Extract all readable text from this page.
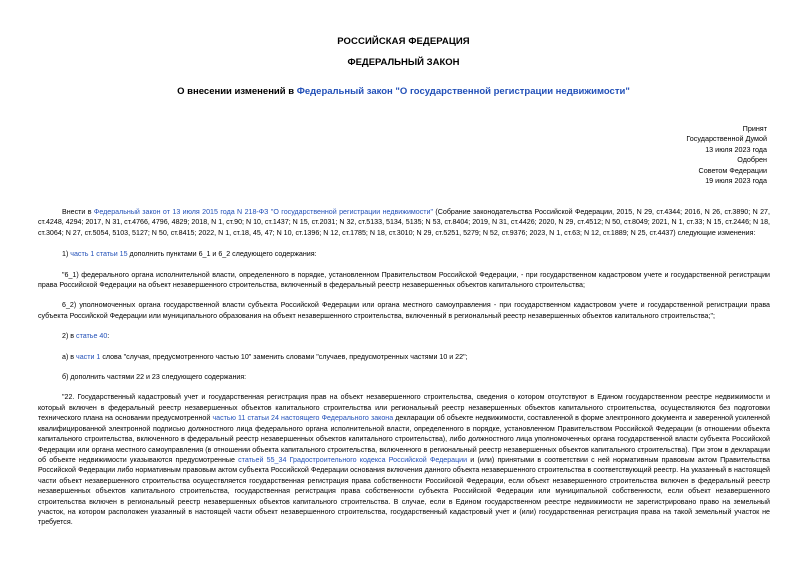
РОССИЙСКАЯ ФЕДЕРАЦИЯ
ФЕДЕРАЛЬНЫЙ ЗАКОН
О внесении изменений в Федеральный закон "О государственной регистрации недвижимости"
Принят
Государственной Думой
13 июля 2023 года
Одобрен
Советом Федерации
19 июля 2023 года

Внести в Федеральный закон от 13 июля 2015 года N 218-ФЗ "О государственной регистрации недвижимости" (Собрание законодательства Российской Федерации, 2015, N 29, ст.4344; 2016, N 26, ст.3890; N 27, ст.4248, 4294; 2017, N 31, ст.4766, 4796, 4829; 2018, N 1, ст.90; N 10, ст.1437; N 15, ст.2031; N 32, ст.5133, 5134, 5135; N 53, ст.8404; 2019, N 31, ст.4426; 2020, N 29, ст.4512; N 50, ст.8049; 2021, N 1, ст.33; N 15, ст.2446; N 18, ст.3064; N 27, ст.5054, 5103, 5127; N 50, ст.8415; 2022, N 1, ст.18, 45, 47; N 10, ст.1396; N 12, ст.1785; N 18, ст.3010; N 29, ст.5251, 5279; N 52, ст.9376; 2023, N 1, ст.63; N 12, ст.1889; N 25, ст.4437) следующие изменения:

1) часть 1 статьи 15 дополнить пунктами 6_1 и 6_2 следующего содержания:

"6_1) федерального органа исполнительной власти, определенного в порядке, установленном Правительством Российской Федерации, - при государственном кадастровом учете и государственной регистрации права Российской Федерации на объект незавершенного строительства, включенный в федеральный реестр незавершенных объектов капитального строительства;

6_2) уполномоченных органа государственной власти субъекта Российской Федерации или органа местного самоуправления - при государственном кадастровом учете и государственной регистрации права субъекта Российской Федерации или муниципального образования на объект незавершенного строительства, включенный в региональный реестр незавершенных объектов капитального строительства;";

2) в статье 40:

а) в части 1 слова "случая, предусмотренного частью 10" заменить словами "случаев, предусмотренных частями 10 и 22";

б) дополнить частями 22 и 23 следующего содержания:

"22. Государственный кадастровый учет и государственная регистрация прав на объект незавершенного строительства, сведения о котором отсутствуют в Едином государственном реестре недвижимости и который включен в федеральный реестр незавершенных объектов капитального строительства или региональный реестр незавершенных объектов капитального строительства, осуществляются без подготовки технического плана на основании предусмотренной частью 11 статьи 24 настоящего Федерального закона декларации об объекте недвижимости, составленной в форме электронного документа и заверенной усиленной квалифицированной электронной подписью должностного лица федерального органа исполнительной власти, определенного в порядке, установленном Правительством Российской Федерации (в отношении объекта капитального строительства, включенного в федеральный реестр незавершенных объектов капитального строительства), либо должностного лица уполномоченных органа государственной власти субъекта Российской Федерации или органа местного самоуправления (в отношении объекта капитального строительства, включенного в региональный реестр незавершенных объектов капитального строительства). При этом в декларации об объекте недвижимости указываются предусмотренные статьей 55_34 Градостроительного кодекса Российской Федерации и (или) принятыми в соответствии с ней нормативным правовым актом Правительства Российской Федерации либо нормативным правовым актом субъекта Российской Федерации основания включения данного объекта незавершенного строительства в соответствующий реестр. На указанный в настоящей части объект незавершенного строительства осуществляется государственная регистрация права собственности Российской Федерации, если объект незавершенного строительства включен в федеральный реестр незавершенных объектов капитального строительства, государственная регистрация права собственности субъекта Российской Федерации или муниципальной собственности, если объект незавершенного строительства включен в региональный реестр незавершенных объектов капитального строительства. В случае, если в Едином государственном реестре недвижимости не зарегистрировано право на земельный участок, на котором расположен указанный в настоящей части объект незавершенного строительства, государственный кадастровый учет и (или) государственная регистрация права на такой земельный участок не требуется.
